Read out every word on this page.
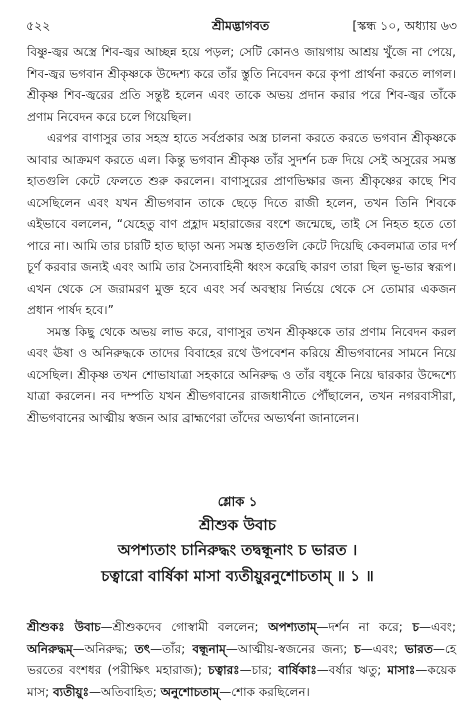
৫২২	শ্রীমদ্ভাগবত	[স্কন্ধ ১০, অধ্যায় ৬৩

বিষ্ণু-জ্বর অস্ত্রে শিব-জ্বর আচ্ছন্ন হয়ে পড়ল; সেটি কোনও জায়গায় আশ্রয় খুঁজে না পেয়ে, শিব-জ্বর ভগবান শ্রীকৃষ্ণকে উদ্দেশ্য করে তাঁর স্তুতি নিবেদন করে কৃপা প্রার্থনা করতে লাগল। শ্রীকৃষ্ণ শিব-জ্বরের প্রতি সন্তুষ্ট হলেন এবং তাকে অভয় প্রদান করার পরে শিব-জ্বর তাঁকে প্রণাম নিবেদন করে চলে গিয়েছিল।

এরপর বাণাসুর তার সহস্র হাতে সর্বপ্রকার অস্ত্র চালনা করতে করতে ভগবান শ্রীকৃষ্ণকে আবার আক্রমণ করতে এল। কিন্তু ভগবান শ্রীকৃষ্ণ তাঁর সুদর্শন চক্র দিয়ে সেই অসুরের সমস্ত হাতগুলি কেটে ফেলতে শুরু করলেন। বাণাসুরের প্রাণভিক্ষার জন্য শ্রীকৃষ্ণের কাছে শিব এসেছিলেন এবং যখন শ্রীভগবান তাকে ছেড়ে দিতে রাজী হলেন, তখন তিনি শিবকে এইভাবে বললেন, “যেহেতু বাণ প্রহ্লাদ মহারাজের বংশে জন্মেছে, তাই সে নিহত হতে তো পারে না। আমি তার চারটি হাত ছাড়া অন্য সমস্ত হাতগুলি কেটে দিয়েছি কেবলমাত্র তার দর্প চূর্ণ করবার জন্যই এবং আমি তার সৈন্যবাহিনী ধ্বংস করেছি কারণ তারা ছিল ভূ-ভার স্বরূপ। এখন থেকে সে জরামরণ মুক্ত হবে এবং সর্ব অবস্থায় নির্ভয়ে থেকে সে তোমার একজন প্রধান পার্ষদ হবে।”

সমস্ত কিছু থেকে অভয় লাভ করে, বাণাসুর তখন শ্রীকৃষ্ণকে তার প্রণাম নিবেদন করল এবং ঊষা ও অনিরুদ্ধকে তাদের বিবাহের রথে উপবেশন করিয়ে শ্রীভগবানের সামনে নিয়ে এসেছিল। শ্রীকৃষ্ণ তখন শোভাযাত্রা সহকারে অনিরুদ্ধ ও তাঁর বধূকে নিয়ে দ্বারকার উদ্দেশ্যে যাত্রা করলেন। নব দম্পতি যখন শ্রীভগবানের রাজধানীতে পৌঁছালেন, তখন নগরবাসীরা, শ্রীভগবানের আত্মীয় স্বজন আর ব্রাহ্মণেরা তাঁদের অভ্যর্থনা জানালেন।

শ্লোক ১
শ্রীশুক উবাচ
অপশ্যতাং চানিরুদ্ধং তদ্বন্ধূনাং চ ভারত ।
চত্বারো বার্ষিকা মাসা ব্যতীয়ুরনুশোচতাম্ ॥ ১ ॥
শ্রীশুকঃ উবাচ—শ্রীশুকদেব গোস্বামী বললেন; অপশ্যতাম্—দর্শন না করে; চ—এবং; অনিরুদ্ধম্—অনিরুদ্ধ; তৎ—তাঁর; বন্ধূনাম্—আত্মীয়-স্বজনের জন্য; চ—এবং; ভারত—হে ভরতের বংশধর (পরীক্ষিৎ মহারাজ); চত্বারঃ—চার; বার্ষিকাঃ—বর্ষার ঋতু; মাসাঃ—কয়েক মাস; ব্যতীয়ুঃ—অতিবাহিত; অনুশোচতাম্—শোক করছিলেন।
